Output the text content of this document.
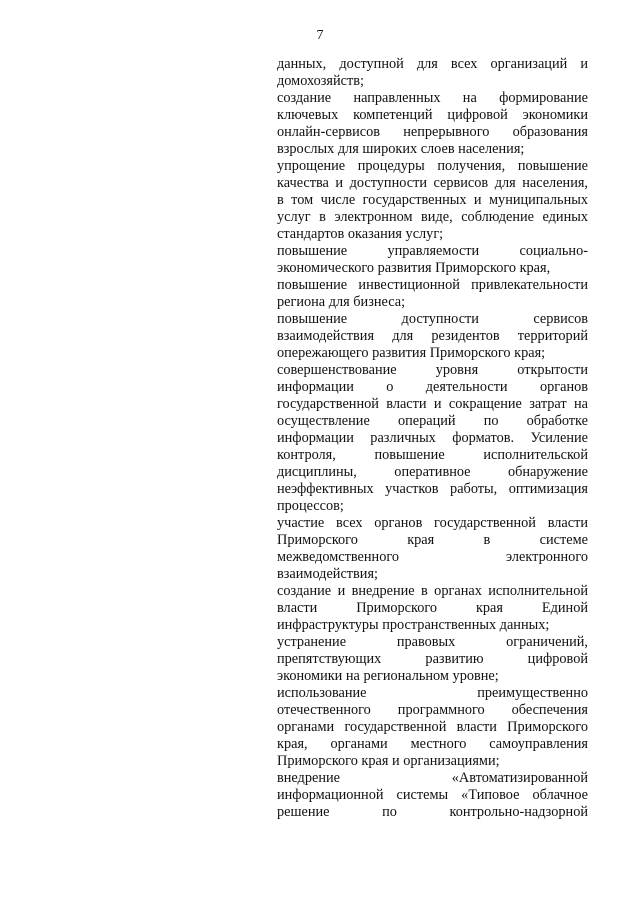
7
данных, доступной для всех организаций и
домохозяйств;
создание направленных на формирование
ключевых компетенций цифровой экономики
онлайн-сервисов непрерывного образования
взрослых для широких слоев населения;
упрощение процедуры получения, повышение
качества и доступности сервисов для населения,
в том числе государственных и муниципальных
услуг в электронном виде, соблюдение единых
стандартов оказания услуг;
повышение управляемости социально-
экономического развития Приморского края,
повышение инвестиционной привлекательности
региона для бизнеса;
повышение доступности сервисов
взаимодействия для резидентов территорий
опережающего развития Приморского края;
совершенствование уровня открытости
информации о деятельности органов
государственной власти и сокращение затрат на
осуществление операций по обработке
информации различных форматов. Усиление
контроля, повышение исполнительской
дисциплины, оперативное обнаружение
неэффективных участков работы, оптимизация
процессов;
участие всех органов государственной власти
Приморского края в системе
межведомственного электронного
взаимодействия;
создание и внедрение в органах исполнительной
власти Приморского края Единой
инфраструктуры пространственных данных;
устранение правовых ограничений,
препятствующих развитию цифровой
экономики на региональном уровне;
использование преимущественно
отечественного программного обеспечения
органами государственной власти Приморского
края, органами местного самоуправления
Приморского края и организациями;
внедрение «Автоматизированной
информационной системы «Типовое облачное
решение по контрольно-надзорной
